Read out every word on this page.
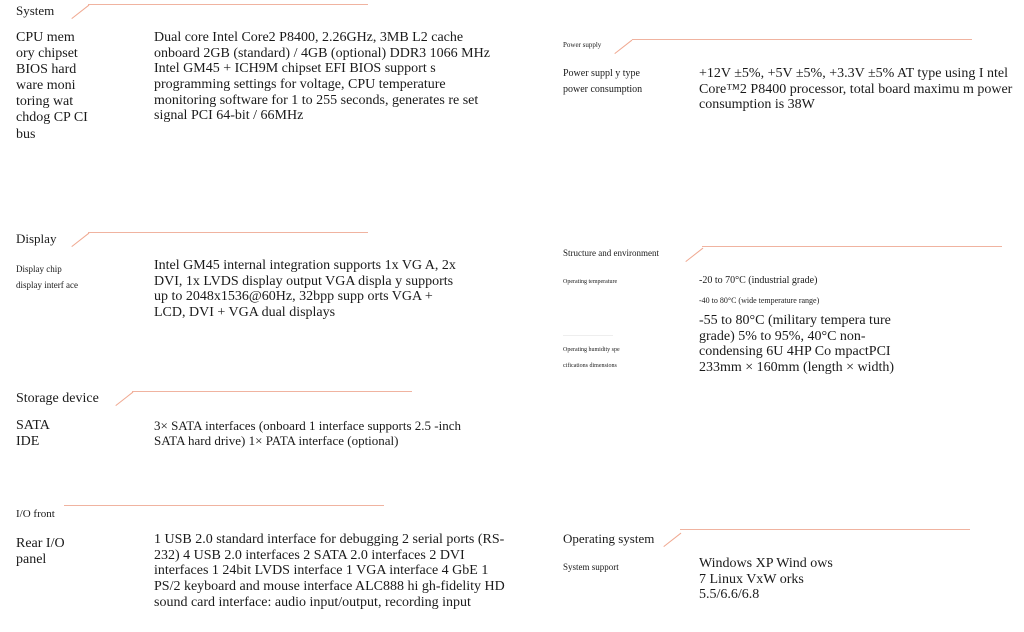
System
CPU mem ory chipset BIOS hard ware moni toring wat chdog CP CI bus
Dual core Intel Core2 P8400, 2.26GHz, 3MB L2 cache onboard 2GB (standard) / 4GB (optional) DDR3 1066 MHz Intel GM45 + ICH9M chipset EFI BIOS support s programming settings for voltage, CPU temperature monitoring software for 1 to 255 seconds, generates re set signal PCI 64-bit / 66MHz
Power supply
Power suppl y type power consumption
+12V ±5%, +5V ±5%, +3.3V ±5% AT type using I ntel Core™2 P8400 processor, total board maximu m power consumption is 38W
Display
Display chip display interf ace
Intel GM45 internal integration supports 1x VG A, 2x DVI, 1x LVDS display output VGA displa y supports up to 2048x1536@60Hz, 32bpp supp orts VGA + LCD, DVI + VGA dual displays
Structure and environment
Operating temperature	-20 to 70°C (industrial grade)
-40 to 80°C (wide temperature range)
Operating humidity spe cifications dimensions
-55 to 80°C (military tempera ture grade) 5% to 95%, 40°C non-condensing 6U 4HP Co mpactPCI 233mm × 160mm (length × width)
Storage device
SATA IDE
3× SATA interfaces (onboard 1 interface supports 2.5 -inch SATA hard drive) 1× PATA interface (optional)
I/O front
Rear I/O panel
1 USB 2.0 standard interface for debugging 2 serial ports (RS-232) 4 USB 2.0 interfaces 2 SATA 2.0 interfaces 2 DVI interfaces 1 24bit LVDS interface 1 VGA interface 4 GbE 1 PS/2 keyboard and mouse interface ALC888 hi gh-fidelity HD sound card interface: audio input/output, recording input
Operating system
System support	Windows XP Wind ows 7 Linux VxW orks 5.5/6.6/6.8
